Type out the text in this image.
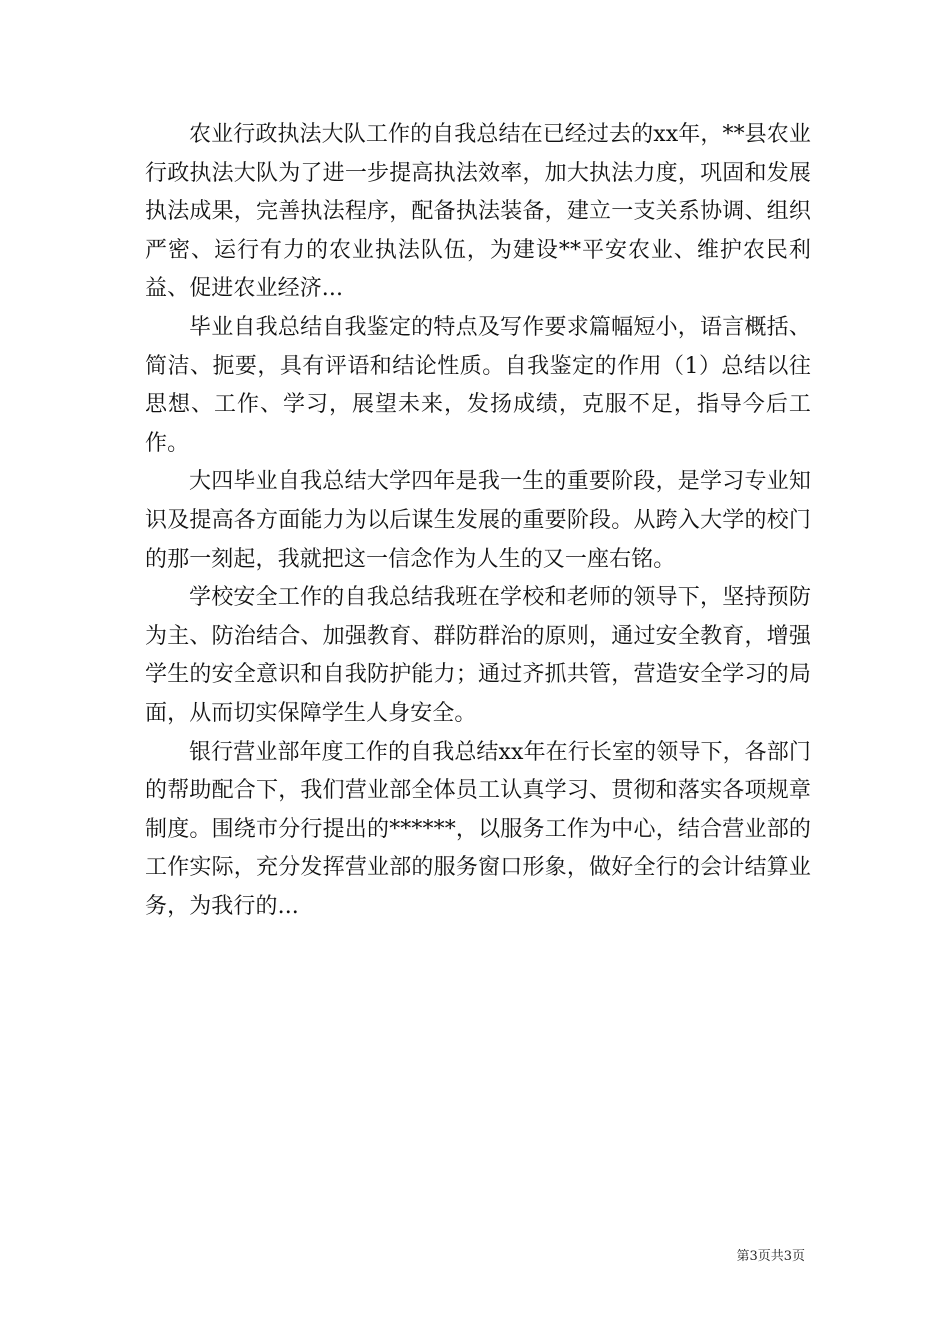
农业行政执法大队工作的自我总结在已经过去的xx年，**县农业行政执法大队为了进一步提高执法效率，加大执法力度，巩固和发展执法成果，完善执法程序，配备执法装备，建立一支关系协调、组织严密、运行有力的农业执法队伍，为建设**平安农业、维护农民利益、促进农业经济...

毕业自我总结自我鉴定的特点及写作要求篇幅短小，语言概括、简洁、扼要，具有评语和结论性质。自我鉴定的作用（1）总结以往思想、工作、学习，展望未来，发扬成绩，克服不足，指导今后工作。

大四毕业自我总结大学四年是我一生的重要阶段，是学习专业知识及提高各方面能力为以后谋生发展的重要阶段。从跨入大学的校门的那一刻起，我就把这一信念作为人生的又一座右铭。

学校安全工作的自我总结我班在学校和老师的领导下，坚持预防为主、防治结合、加强教育、群防群治的原则，通过安全教育，增强学生的安全意识和自我防护能力；通过齐抓共管，营造安全学习的局面，从而切实保障学生人身安全。

银行营业部年度工作的自我总结xx年在行长室的领导下，各部门的帮助配合下，我们营业部全体员工认真学习、贯彻和落实各项规章制度。围绕市分行提出的******，以服务工作为中心，结合营业部的工作实际，充分发挥营业部的服务窗口形象，做好全行的会计结算业务，为我行的...

第3页共3页
